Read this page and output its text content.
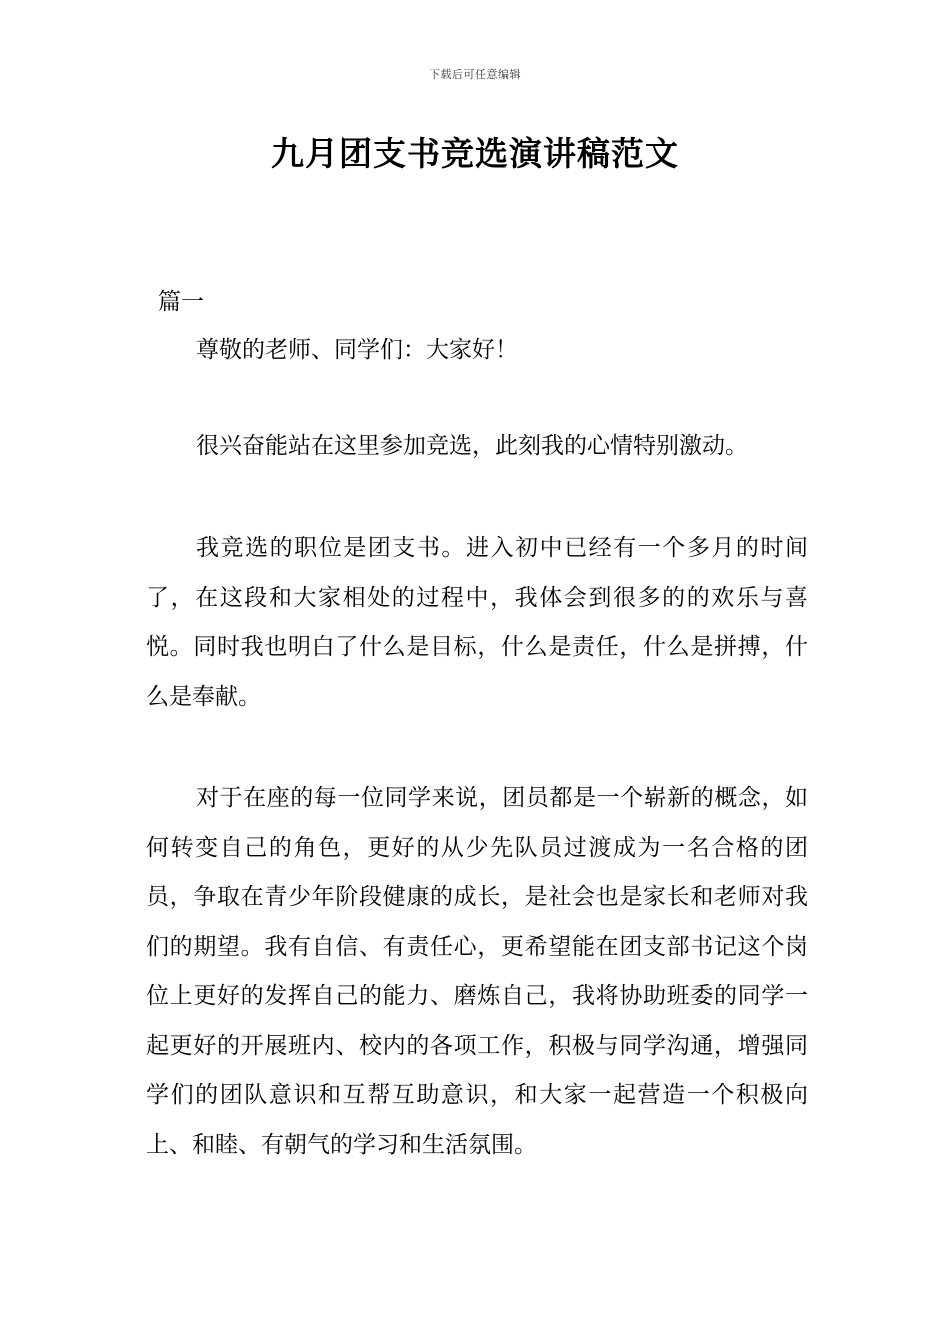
下载后可任意编辑
九月团支书竞选演讲稿范文

篇一

尊敬的老师、同学们：大家好！

很兴奋能站在这里参加竞选，此刻我的心情特别激动。

我竞选的职位是团支书。进入初中已经有一个多月的时间了，在这段和大家相处的过程中，我体会到很多的的欢乐与喜悦。同时我也明白了什么是目标，什么是责任，什么是拼搏，什么是奉献。

对于在座的每一位同学来说，团员都是一个崭新的概念，如何转变自己的角色，更好的从少先队员过渡成为一名合格的团员，争取在青少年阶段健康的成长，是社会也是家长和老师对我们的期望。我有自信、有责任心，更希望能在团支部书记这个岗位上更好的发挥自己的能力、磨炼自己，我将协助班委的同学一起更好的开展班内、校内的各项工作，积极与同学沟通，增强同学们的团队意识和互帮互助意识，和大家一起营造一个积极向上、和睦、有朝气的学习和生活氛围。
